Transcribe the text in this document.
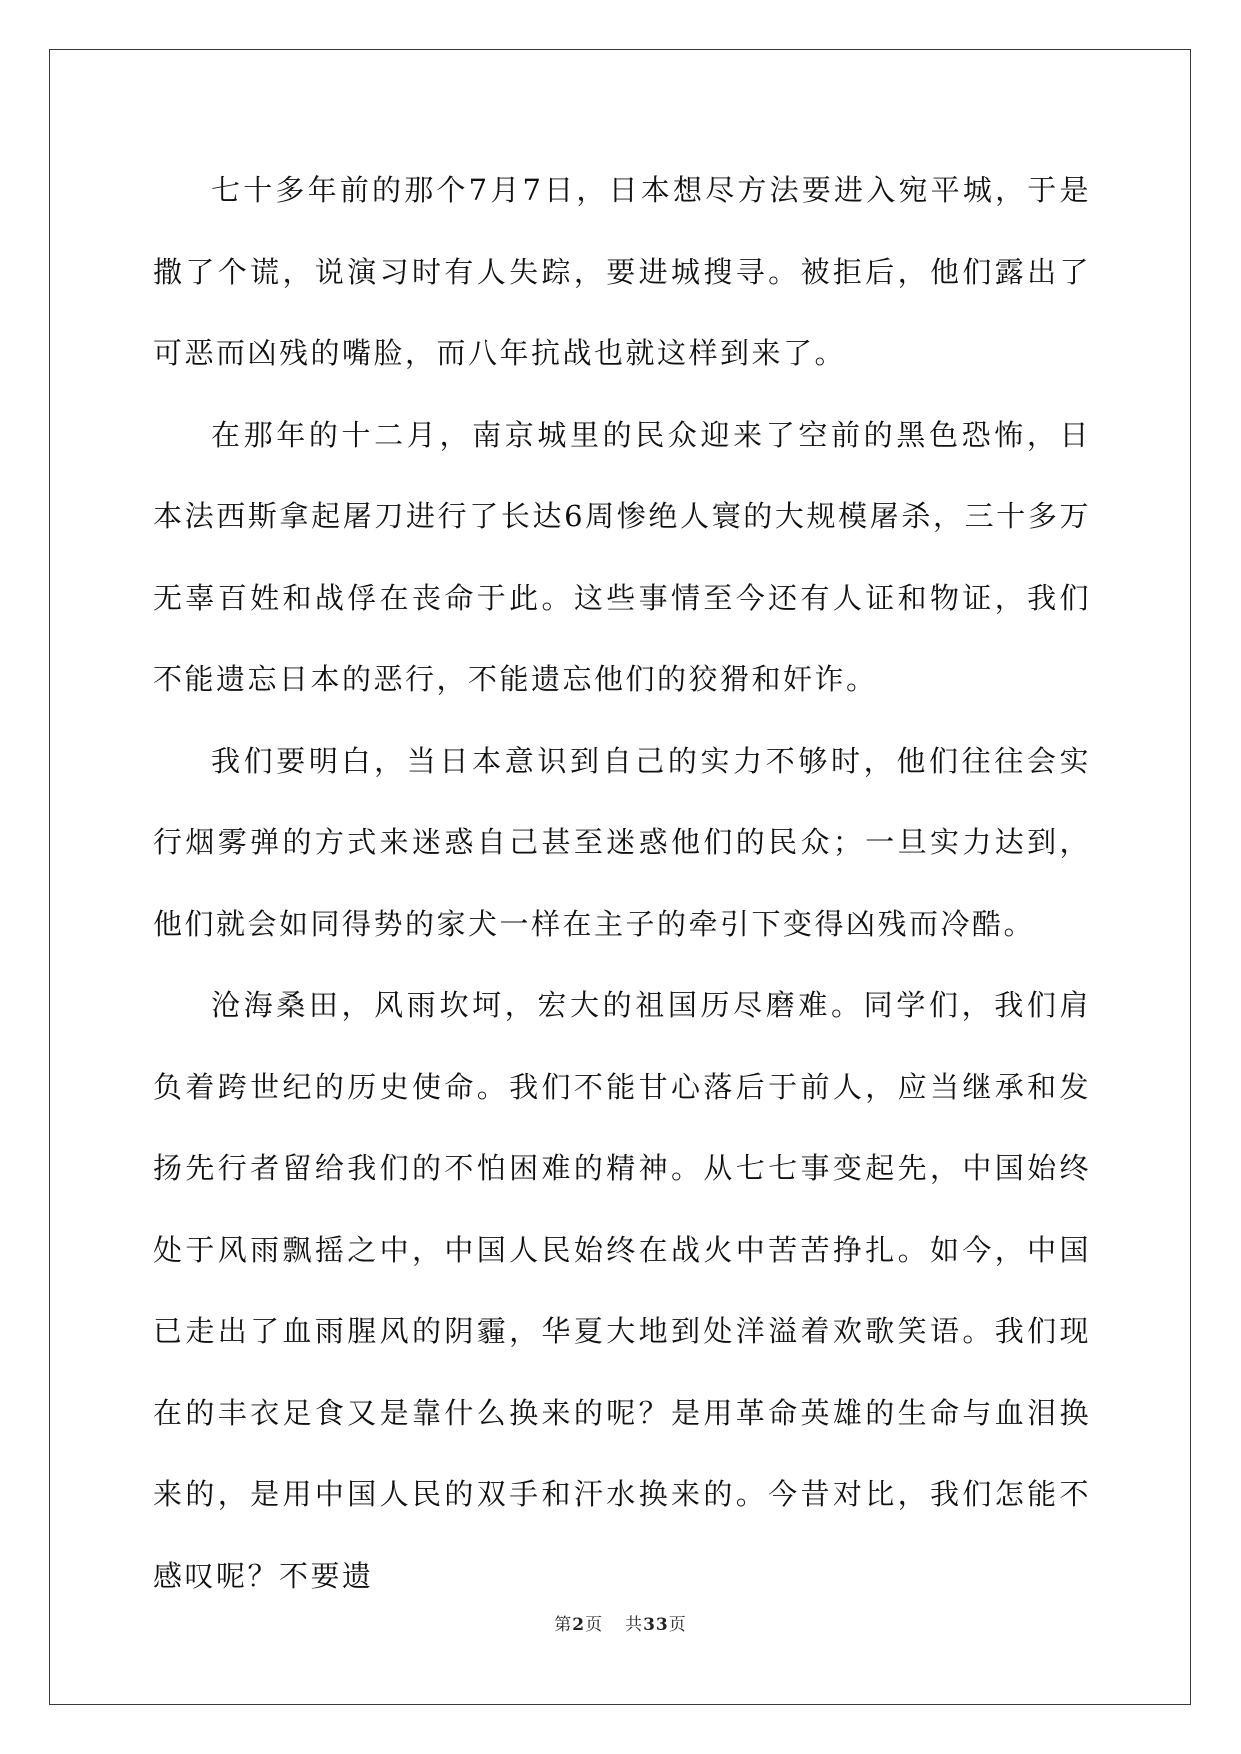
七十多年前的那个7月7日，日本想尽方法要进入宛平城，于是撒了个谎，说演习时有人失踪，要进城搜寻。被拒后，他们露出了可恶而凶残的嘴脸，而八年抗战也就这样到来了。

在那年的十二月，南京城里的民众迎来了空前的黑色恐怖，日本法西斯拿起屠刀进行了长达6周惨绝人寰的大规模屠杀，三十多万无辜百姓和战俘在丧命于此。这些事情至今还有人证和物证，我们不能遗忘日本的恶行，不能遗忘他们的狡猾和奸诈。

我们要明白，当日本意识到自己的实力不够时，他们往往会实行烟雾弹的方式来迷惑自己甚至迷惑他们的民众；一旦实力达到，他们就会如同得势的家犬一样在主子的牵引下变得凶残而冷酷。

沧海桑田，风雨坎坷，宏大的祖国历尽磨难。同学们，我们肩负着跨世纪的历史使命。我们不能甘心落后于前人，应当继承和发扬先行者留给我们的不怕困难的精神。从七七事变起先，中国始终处于风雨飘摇之中，中国人民始终在战火中苦苦挣扎。如今，中国已走出了血雨腥风的阴霾，华夏大地到处洋溢着欢歌笑语。我们现在的丰衣足食又是靠什么换来的呢？是用革命英雄的生命与血泪换来的，是用中国人民的双手和汗水换来的。今昔对比，我们怎能不感叹呢？不要遗

第2页 共33页
